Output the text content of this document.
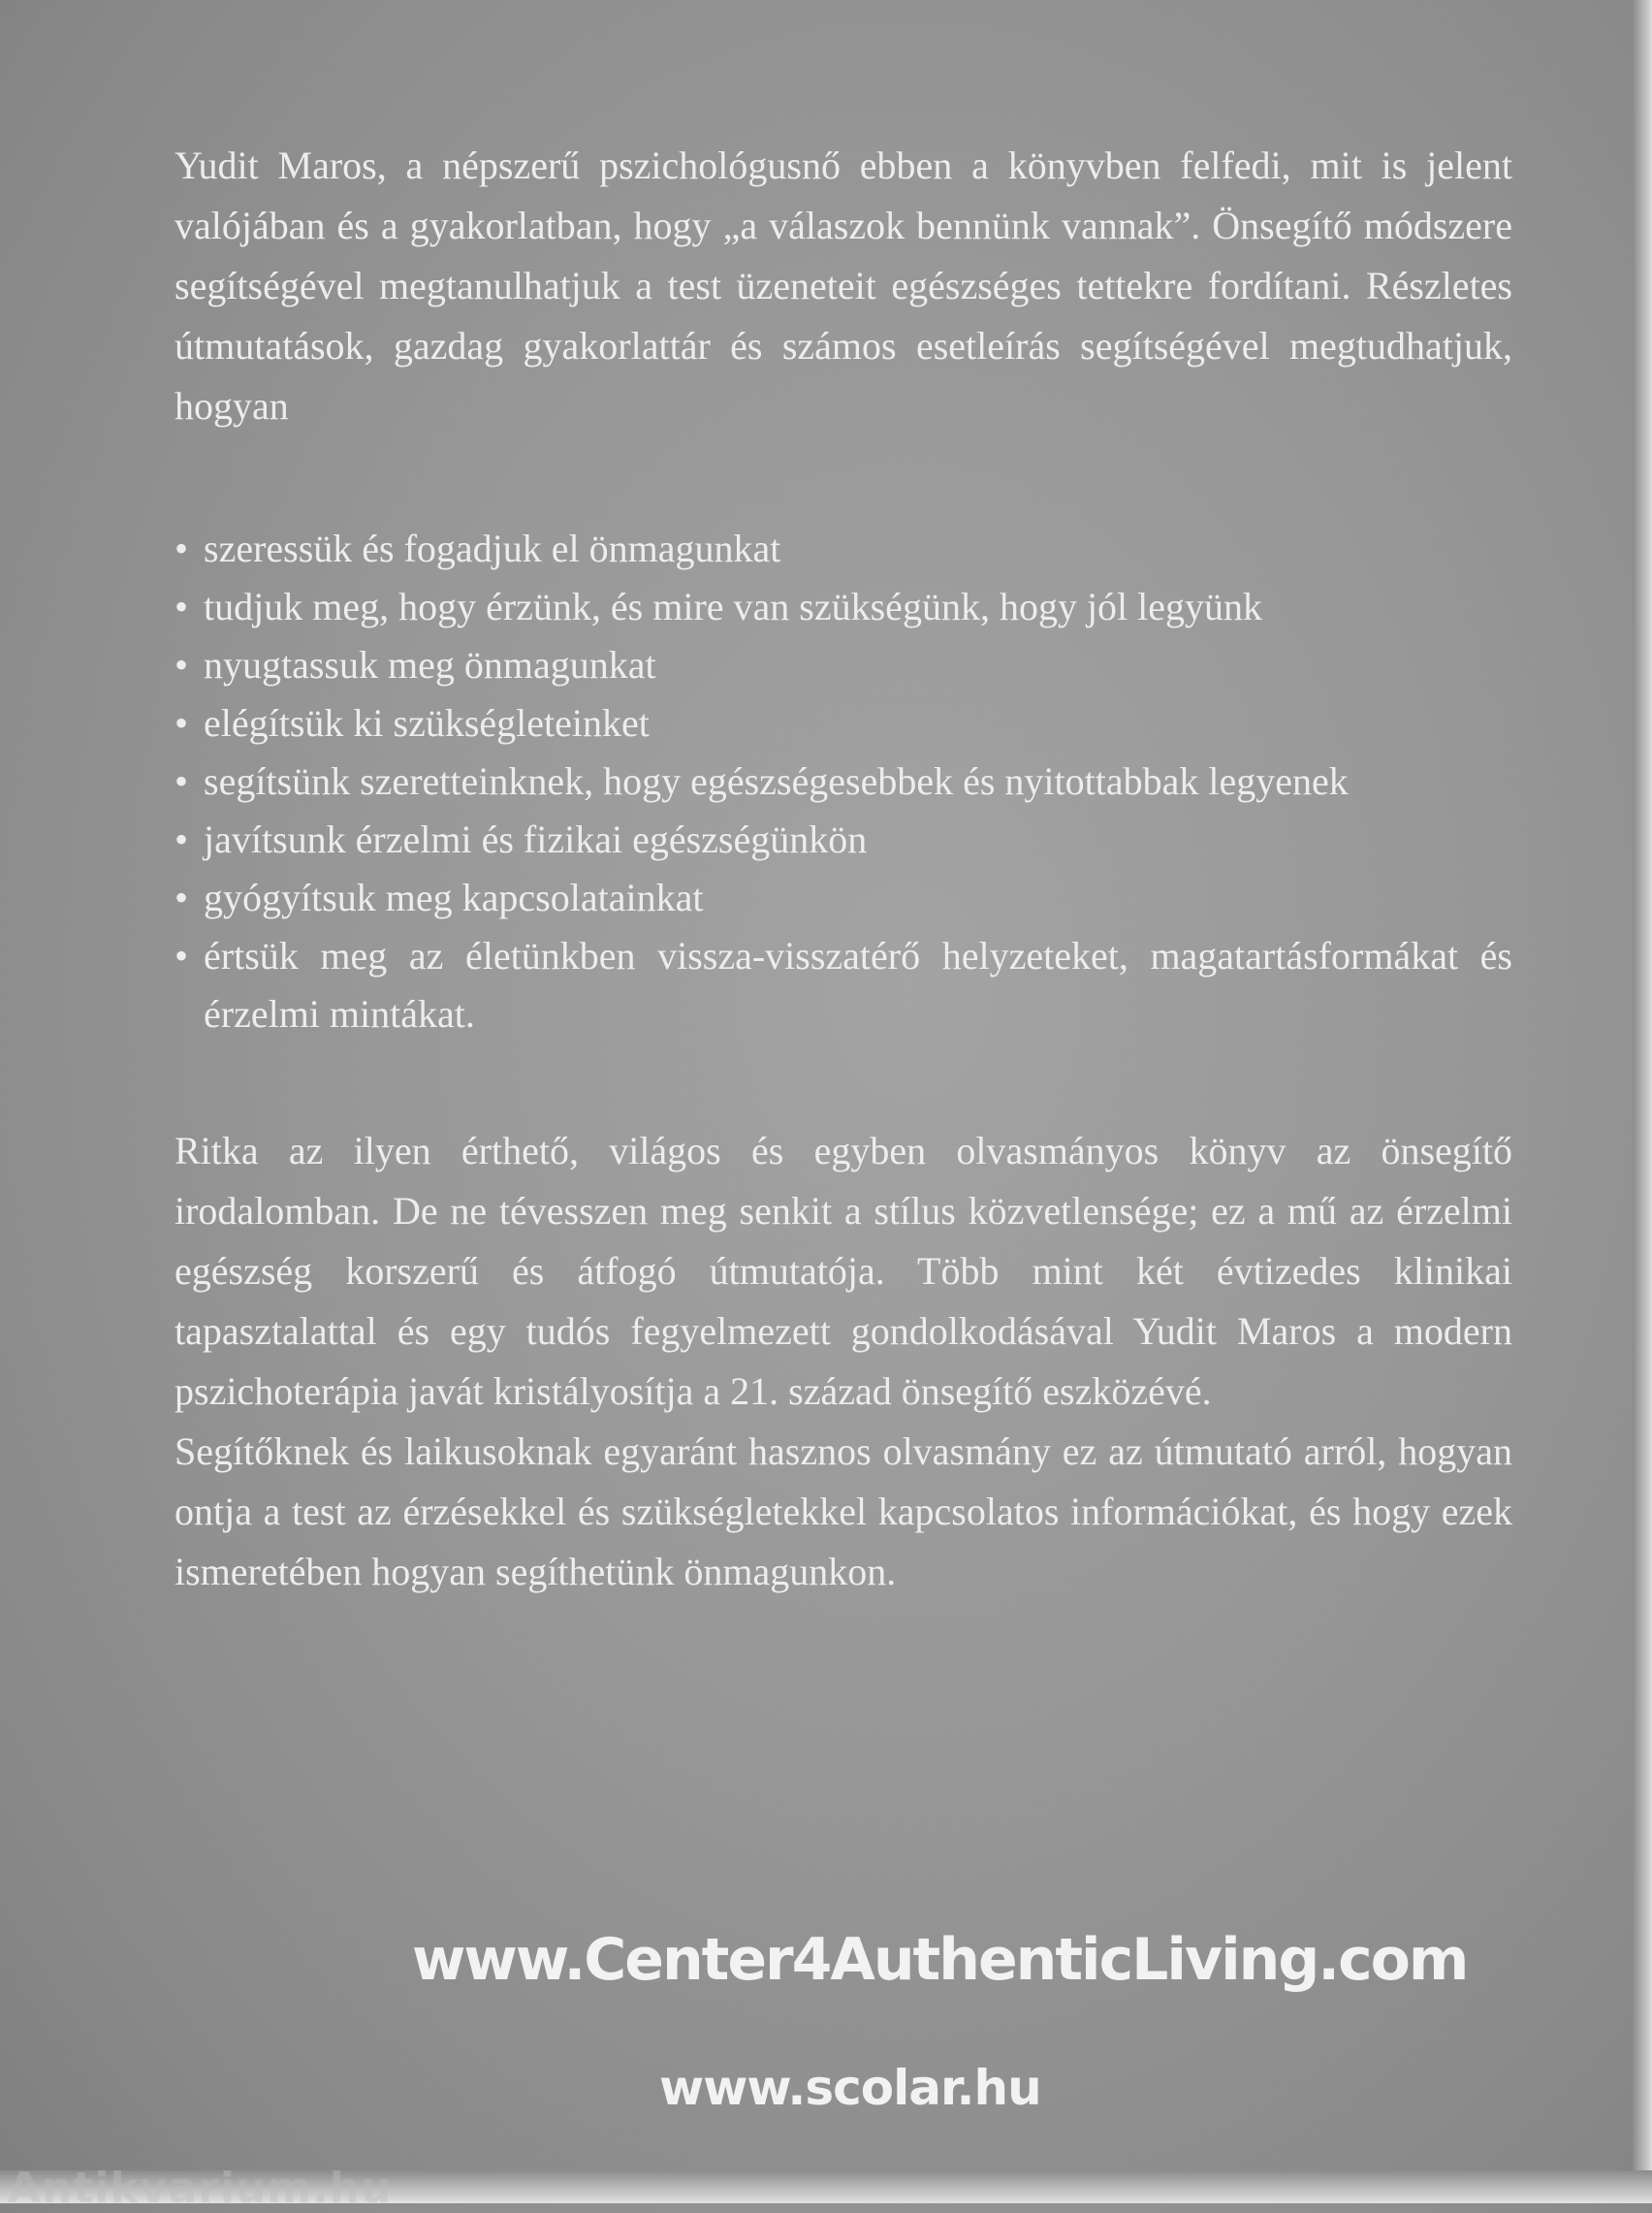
Yudit Maros, a népszerű pszichológusnő ebben a könyvben felfedi, mit is jelent valójában és a gyakorlatban, hogy „a válaszok bennünk vannak”. Önsegítő módszere segítségével megtanulhatjuk a test üzeneteit egészséges tettekre fordítani. Részletes útmutatások, gazdag gyakorlattár és számos esetleírás segítségével megtudhatjuk, hogyan

• szeressük és fogadjuk el önmagunkat
• tudjuk meg, hogy érzünk, és mire van szükségünk, hogy jól legyünk
• nyugtassuk meg önmagunkat
• elégítsük ki szükségleteinket
• segítsünk szeretteinknek, hogy egészségesebbek és nyitottabbak legyenek
• javítsunk érzelmi és fizikai egészségünkön
• gyógyítsuk meg kapcsolatainkat
• értsük meg az életünkben vissza-visszatérő helyzeteket, magatartásformákat és érzelmi mintákat.

Ritka az ilyen érthető, világos és egyben olvasmányos könyv az önsegítő irodalomban. De ne tévesszen meg senkit a stílus közvetlensége; ez a mű az érzelmi egészség korszerű és átfogó útmutatója. Több mint két évtizedes klinikai tapasztalattal és egy tudós fegyelmezett gondolkodásával Yudit Maros a modern pszichoterápia javát kristályosítja a 21. század önsegítő eszközévé.

Segítőknek és laikusoknak egyaránt hasznos olvasmány ez az útmutató arról, hogyan ontja a test az érzésekkel és szükségletekkel kapcsolatos információkat, és hogy ezek ismeretében hogyan segíthetünk önmagunkon.

www.Center4AuthenticLiving.com
www.scolar.hu
Antikvarium.hu
